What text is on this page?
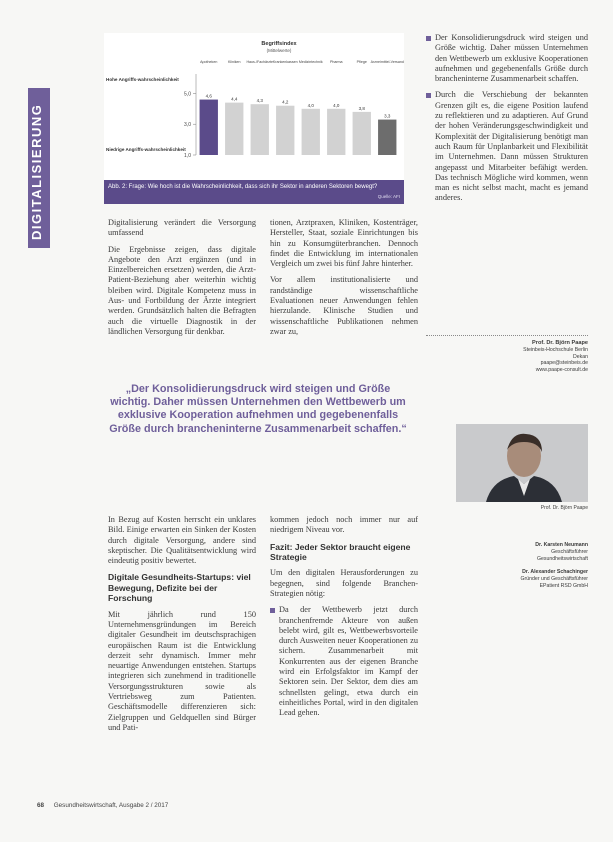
DIGITALISIERUNG
Begriffsindex
(Mittelwerte)
Hohe Angriffs-wahrscheinlichkeit
Niedrige Angriffs-wahrscheinlichkeit
5,0
3,0
1,0
4,6
Apotheken
4,4
Kliniken
4,3
Haus-/Fachärzte
4,2
Krankenkassen
4,0
Medizintechnik
4,0
Pharma
3,8
Pflege
3,3
Arzneimittel-Versand
Abb. 2: Frage: Wie hoch ist die Wahrscheinlichkeit, dass sich ihr Sektor in anderen Sektoren bewegt?
Quelle: AFI

Digitalisierung verändert die Versorgung umfassend

Die Ergebnisse zeigen, dass digitale Angebote den Arzt ergänzen (und in Einzelbereichen ersetzen) werden, die Arzt-Patient-Beziehung aber weiterhin wichtig bleiben wird. Digitale Kompetenz muss in Aus- und Fortbildung der Ärzte integriert werden. Grundsätzlich halten die Befragten auch die virtuelle Diagnostik in der ländlichen Versorgung für denkbar.

tionen, Arztpraxen, Kliniken, Kostenträger, Hersteller, Staat, soziale Einrichtungen bis hin zu Konsumgüterbranchen. Dennoch findet die Entwicklung im internationalen Vergleich um zwei bis fünf Jahre hinterher.

Vor allem institutionalisierte und randständige wissenschaftliche Evaluationen neuer Anwendungen fehlen hierzulande. Klinische Studien und wissenschaftliche Publikationen nehmen zwar zu,

Der Konsolidierungsdruck wird steigen und Größe wichtig. Daher müssen Unternehmen den Wettbewerb um exklusive Kooperationen aufnehmen und gegebenenfalls Größe durch brancheninterne Zusammenarbeit schaffen.

Durch die Verschiebung der bekannten Grenzen gilt es, die eigene Position laufend zu reflektieren und zu adaptieren. Auf Grund der hohen Veränderungsgeschwindigkeit und Komplexität der Digitalisierung benötigt man auch Raum für Unplanbarkeit und Flexibilität im Unternehmen. Dann müssen Strukturen angepasst und Mitarbeiter befähigt werden. Das technisch Mögliche wird kommen, wenn man es nicht selbst macht, macht es jemand anderes.

Prof. Dr. Björn Paape
Steinbeis-Hochschule Berlin
Dekan
paape@steinbeis.de
www.paape-consult.de
„Der Konsolidierungsdruck wird steigen und Größe wichtig. Daher müssen Unternehmen den Wettbewerb um exklusive Kooperation aufnehmen und gegebenenfalls Größe durch brancheninterne Zusammenarbeit schaffen.“
Prof. Dr. Björn Paape
Dr. Karsten Neumann
Geschäftsführer
Gesundheitswirtschaft

Dr. Alexander Schachinger
Gründer und Geschäftsführer
EPatient RSD GmbH

In Bezug auf Kosten herrscht ein unklares Bild. Einige erwarten ein Sinken der Kosten durch digitale Versorgung, andere sind skeptischer. Die Qualitätsentwicklung wird eindeutig positiv bewertet.

Digitale Gesundheits-Startups: viel Bewegung, Defizite bei der Forschung

Mit jährlich rund 150 Unternehmensgründungen im Bereich digitaler Gesundheit im deutschsprachigen europäischen Raum ist die Entwicklung derzeit sehr dynamisch. Immer mehr neuartige Anwendungen entstehen. Startups integrieren sich zunehmend in traditionelle Versorgungsstrukturen sowie als Vertriebsweg zum Patienten. Geschäftsmodelle differenzieren sich: Zielgruppen und Geldquellen sind Bürger und Pati-

kommen jedoch noch immer nur auf niedrigem Niveau vor.

Fazit: Jeder Sektor braucht eigene Strategie

Um den digitalen Herausforderungen zu begegnen, sind folgende Branchen-Strategien nötig:

Da der Wettbewerb jetzt durch branchenfremde Akteure von außen belebt wird, gilt es, Wettbewerbsvorteile durch Ausweiten neuer Kooperationen zu sichern. Zusammenarbeit mit Konkurrenten aus der eigenen Branche wird ein Erfolgsfaktor im Kampf der Sektoren sein. Der Sektor, dem dies am schnellsten gelingt, etwa durch ein einheitliches Portal, wird in den digitalen Lead gehen.

68 Gesundheitswirtschaft, Ausgabe 2 / 2017
